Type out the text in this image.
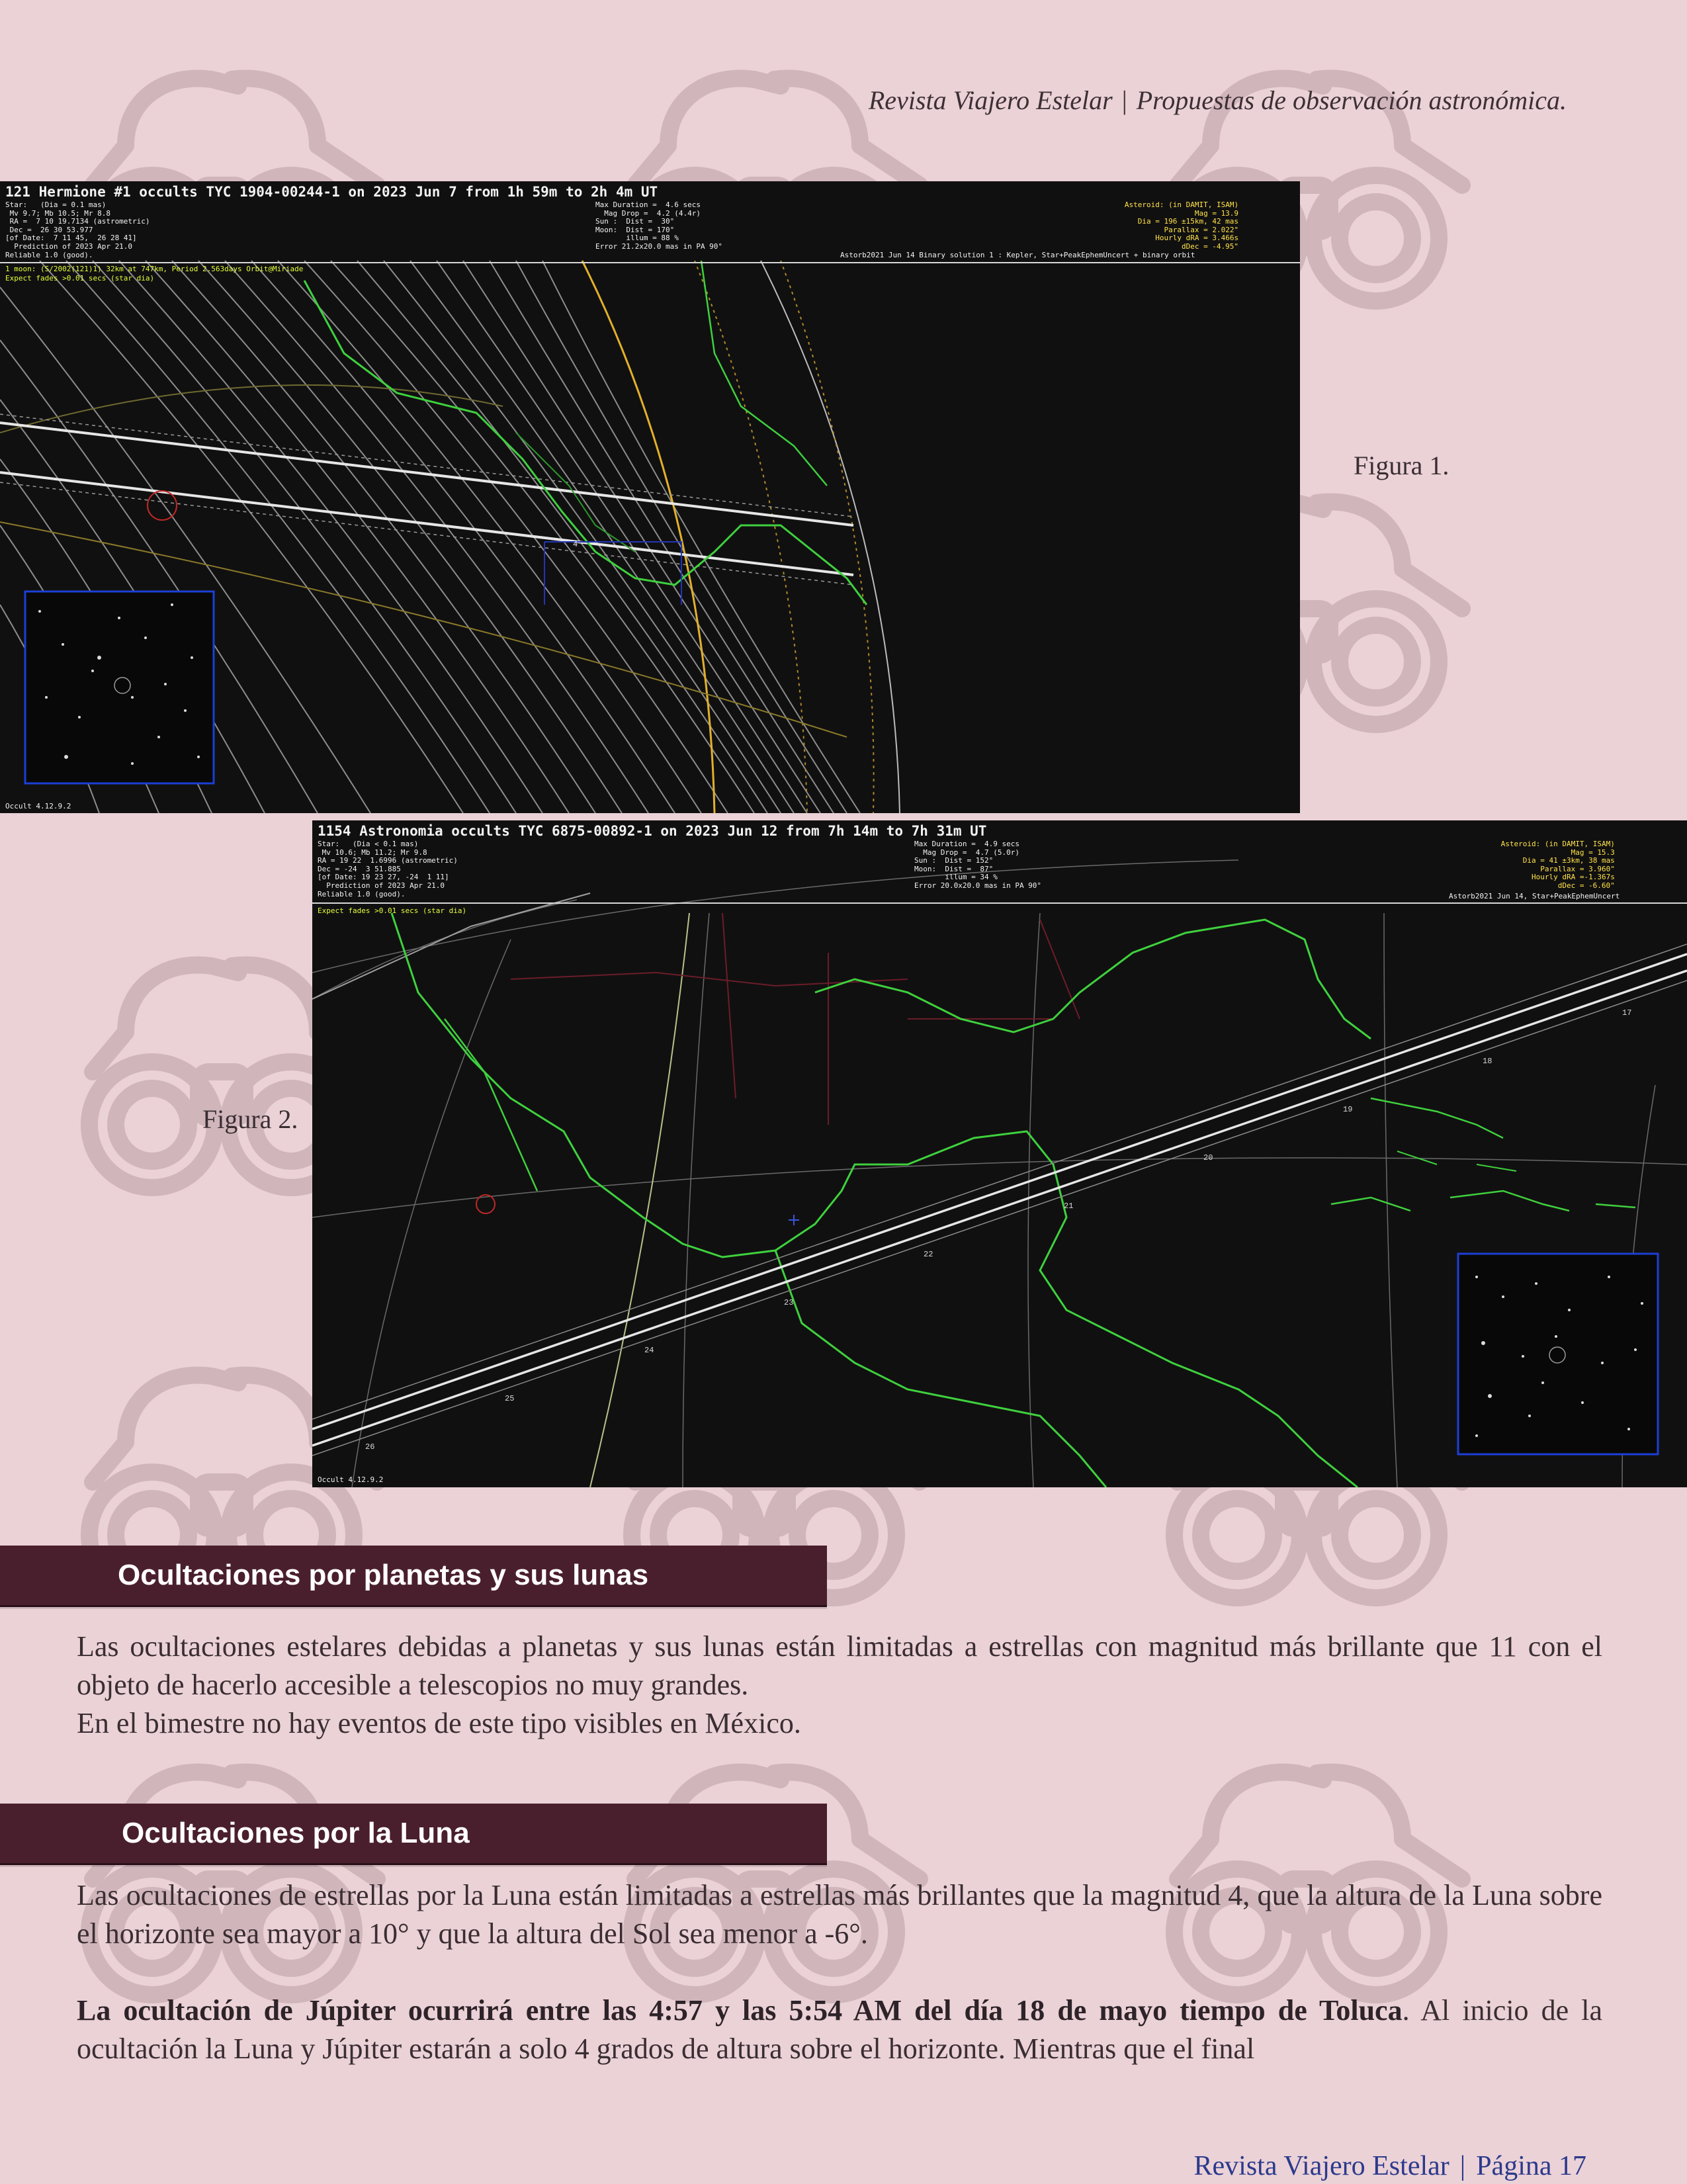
Revista Viajero Estelar | Propuestas de observación astronómica.
4
121 Hermione #1 occults TYC 1904-00244-1 on 2023 Jun 7 from 1h 59m to 2h 4m UT
Star:   (Dia = 0.1 mas)
Mv 9.7; Mb 10.5; Mr 8.8
RA =  7 10 19.7134 (astrometric)
Dec =  26 30 53.977
[of Date:  7 11 45,  26 28 41]
Prediction of 2023 Apr 21.0
Reliable 1.0 (good).
Max Duration =  4.6 secs
Mag Drop =  4.2 (4.4r)
Sun :  Dist =  30°
Moon:  Dist = 170°
illum = 88 %
Error 21.2x20.0 mas in PA 90°
Asteroid: (in DAMIT, ISAM)
Mag = 13.9
Dia = 196 ±15km, 42 mas
Parallax = 2.022"
Hourly dRA = 3.466s
dDec = -4.95"
1 moon: (S/2002(121)1) 32km at 747km, Period 2.563days Orbit@Miriade
Expect fades >0.01 secs (star dia)
Astorb2021 Jun 14 Binary solution 1 : Kepler, Star+PeakEphemUncert + binary orbit
Occult 4.12.9.2
Figura 1.
17
18
19
20
21
22
23
24
25
26
1154 Astronomia occults TYC 6875-00892-1 on 2023 Jun 12 from 7h 14m to 7h 31m UT
Star:   (Dia < 0.1 mas)
Mv 10.6; Mb 11.2; Mr 9.8
RA = 19 22  1.6996 (astrometric)
Dec = -24  3 51.885
[of Date: 19 23 27, -24  1 11]
Prediction of 2023 Apr 21.0
Reliable 1.0 (good).
Max Duration =  4.9 secs
Mag Drop =  4.7 (5.0r)
Sun :  Dist = 152°
Moon:  Dist =  87°
illum = 34 %
Error 20.0x20.0 mas in PA 90°
Asteroid: (in DAMIT, ISAM)
Mag = 15.3
Dia = 41 ±3km, 38 mas
Parallax = 3.960"
Hourly dRA =-1.367s
dDec = -6.60"
Expect fades >0.01 secs (star dia)
Astorb2021 Jun 14, Star+PeakEphemUncert
Occult 4.12.9.2
Figura 2.
Ocultaciones por planetas y sus lunas

Las ocultaciones estelares debidas a planetas y sus lunas están limitadas a estrellas con magnitud más brillante que 11 con el objeto de hacerlo accesible a telescopios no muy grandes.

En el bimestre no hay eventos de este tipo visibles en México.

Ocultaciones por la Luna

Las ocultaciones de estrellas por la Luna están limitadas a estrellas más brillantes que la magnitud 4, que la altura de la Luna sobre el horizonte sea mayor a 10° y que la altura del Sol sea menor a -6°.

La ocultación de Júpiter ocurrirá entre las 4:57 y las 5:54 AM del día 18 de mayo tiempo de Toluca. Al inicio de la ocultación la Luna y Júpiter estarán a solo 4 grados de altura sobre el horizonte. Mientras que el final

Revista Viajero Estelar | Página 17
